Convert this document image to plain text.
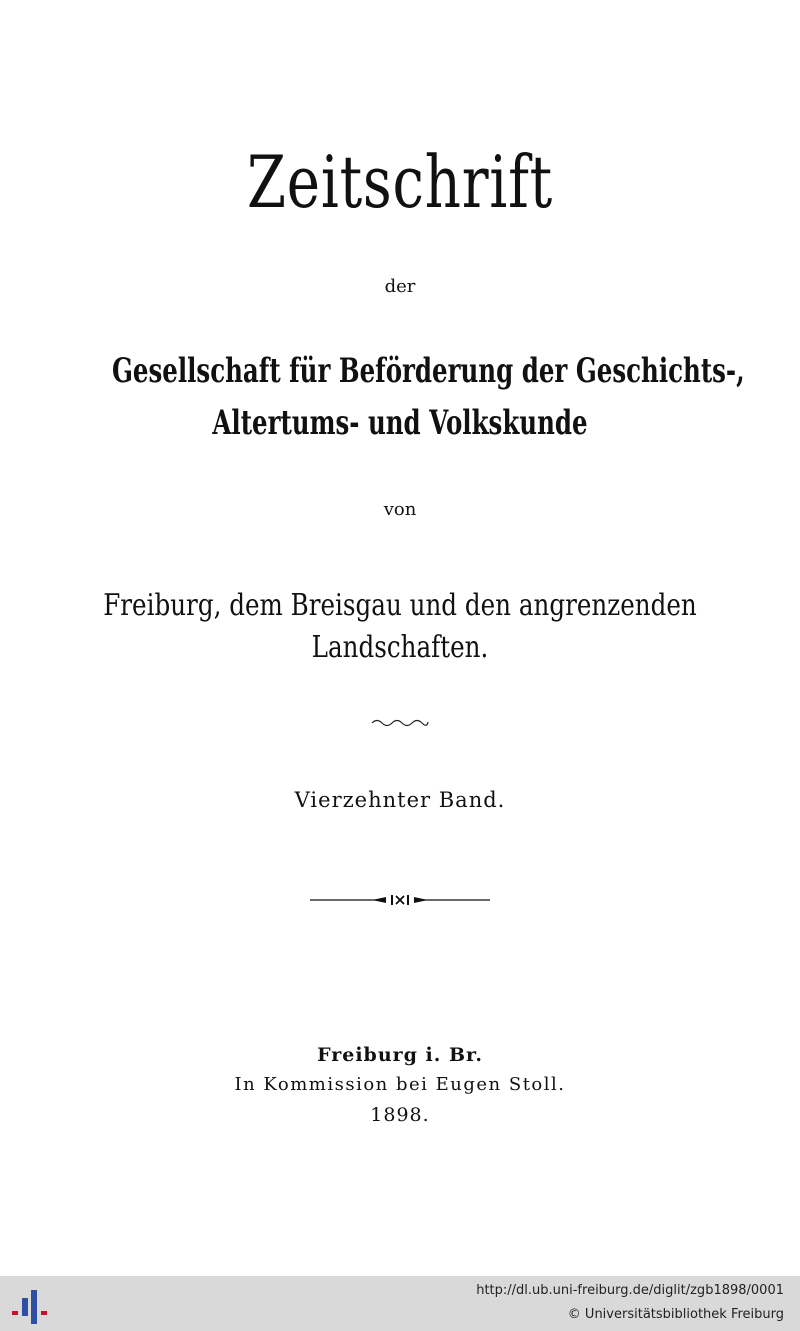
Zeitschrift
der
Gesellschaft für Beförderung der Geschichts-,
Altertums- und Volkskunde
von
Freiburg, dem Breisgau und den angrenzenden
Landschaften.
Vierzehnter Band.
Freiburg i. Br.
In Kommission bei Eugen Stoll.
1898.
http://dl.ub.uni-freiburg.de/diglit/zgb1898/0001
© Universitätsbibliothek Freiburg
